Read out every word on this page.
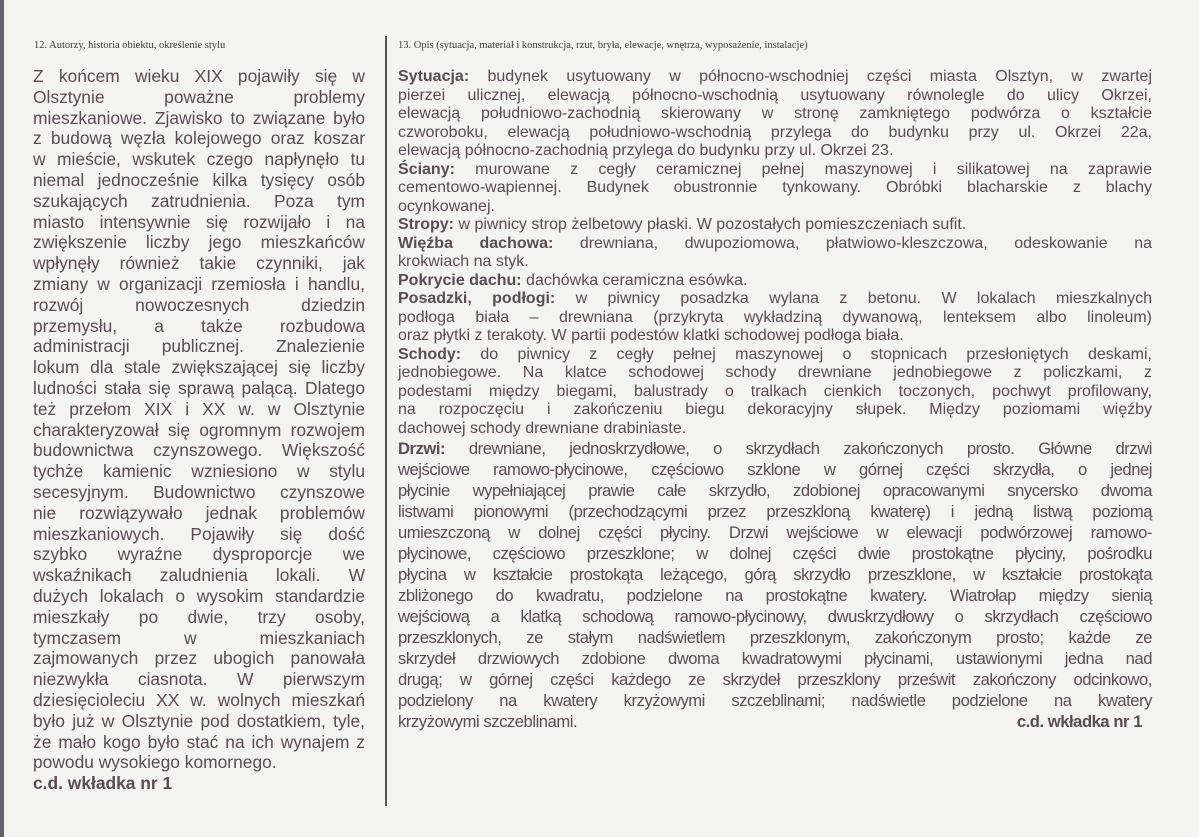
12. Autorzy, historia obiektu, określenie stylu	13. Opis (sytuacja, materiał i konstrukcja, rzut, bryła, elewacje, wnętrza, wyposażenie, instalacje)
Z końcem wieku XIX pojawiły się w
Olsztynie poważne problemy
mieszkaniowe. Zjawisko to związane było
z budową węzła kolejowego oraz koszar
w mieście, wskutek czego napłynęło tu
niemal jednocześnie kilka tysięcy osób
szukających zatrudnienia. Poza tym
miasto intensywnie się rozwijało i na
zwiększenie liczby jego mieszkańców
wpłynęły również takie czynniki, jak
zmiany w organizacji rzemiosła i handlu,
rozwój nowoczesnych dziedzin
przemysłu, a także rozbudowa
administracji publicznej. Znalezienie
lokum dla stale zwiększającej się liczby
ludności stała się sprawą palącą. Dlatego
też przełom XIX i XX w. w Olsztynie
charakteryzował się ogromnym rozwojem
budownictwa czynszowego. Większość
tychże kamienic wzniesiono w stylu
secesyjnym. Budownictwo czynszowe
nie rozwiązywało jednak problemów
mieszkaniowych. Pojawiły się dość
szybko wyraźne dysproporcje we
wskaźnikach zaludnienia lokali. W
dużych lokalach o wysokim standardzie
mieszkały po dwie, trzy osoby,
tymczasem w mieszkaniach
zajmowanych przez ubogich panowała
niezwykła ciasnota. W pierwszym
dziesięcioleciu XX w. wolnych mieszkań
było już w Olsztynie pod dostatkiem, tyle,
że mało kogo było stać na ich wynajem z
powodu wysokiego komornego.
c.d. wkładka nr 1
Sytuacja: budynek usytuowany w północno-wschodniej części miasta Olsztyn, w zwartej
pierzei ulicznej, elewacją północno-wschodnią usytuowany równolegle do ulicy Okrzei,
elewacją południowo-zachodnią skierowany w stronę zamkniętego podwórza o kształcie
czworoboku, elewacją południowo-wschodnią przylega do budynku przy ul. Okrzei 22a,
elewacją północno-zachodnią przylega do budynku przy ul. Okrzei 23.
Ściany: murowane z cegły ceramicznej pełnej maszynowej i silikatowej na zaprawie
cementowo-wapiennej. Budynek obustronnie tynkowany. Obróbki blacharskie z blachy
ocynkowanej.
Stropy: w piwnicy strop żelbetowy płaski. W pozostałych pomieszczeniach sufit.
Więźba dachowa: drewniana, dwupoziomowa, płatwiowo-kleszczowa, odeskowanie na
krokwiach na styk.
Pokrycie dachu: dachówka ceramiczna esówka.
Posadzki, podłogi: w piwnicy posadzka wylana z betonu. W lokalach mieszkalnych
podłoga biała – drewniana (przykryta wykładziną dywanową, lenteksem albo linoleum)
oraz płytki z terakoty. W partii podestów klatki schodowej podłoga biała.
Schody: do piwnicy z cegły pełnej maszynowej o stopnicach przesłoniętych deskami,
jednobiegowe. Na klatce schodowej schody drewniane jednobiegowe z policzkami, z
podestami między biegami, balustrady o tralkach cienkich toczonych, pochwyt profilowany,
na rozpoczęciu i zakończeniu biegu dekoracyjny słupek. Między poziomami więźby
dachowej schody drewniane drabiniaste.
Drzwi: drewniane, jednoskrzydłowe, o skrzydłach zakończonych prosto. Główne drzwi
wejściowe ramowo-płycinowe, częściowo szklone w górnej części skrzydła, o jednej
płycinie wypełniającej prawie całe skrzydło, zdobionej opracowanymi snycersko dwoma
listwami pionowymi (przechodzącymi przez przeszkloną kwaterę) i jedną listwą poziomą
umieszczoną w dolnej części płyciny. Drzwi wejściowe w elewacji podwórzowej ramowo-
płycinowe, częściowo przeszklone; w dolnej części dwie prostokątne płyciny, pośrodku
płycina w kształcie prostokąta leżącego, górą skrzydło przeszklone, w kształcie prostokąta
zbliżonego do kwadratu, podzielone na prostokątne kwatery. Wiatrołap między sienią
wejściową a klatką schodową ramowo-płycinowy, dwuskrzydłowy o skrzydłach częściowo
przeszklonych, ze stałym nadświetlem przeszklonym, zakończonym prosto; każde ze
skrzydeł drzwiowych zdobione dwoma kwadratowymi płycinami, ustawionymi jedna nad
drugą; w górnej części każdego ze skrzydeł przeszklony prześwit zakończony odcinkowo,
podzielony na kwatery krzyżowymi szczeblinami; nadświetle podzielone na kwatery
krzyżowymi szczeblinami.	c.d. wkładka nr 1
